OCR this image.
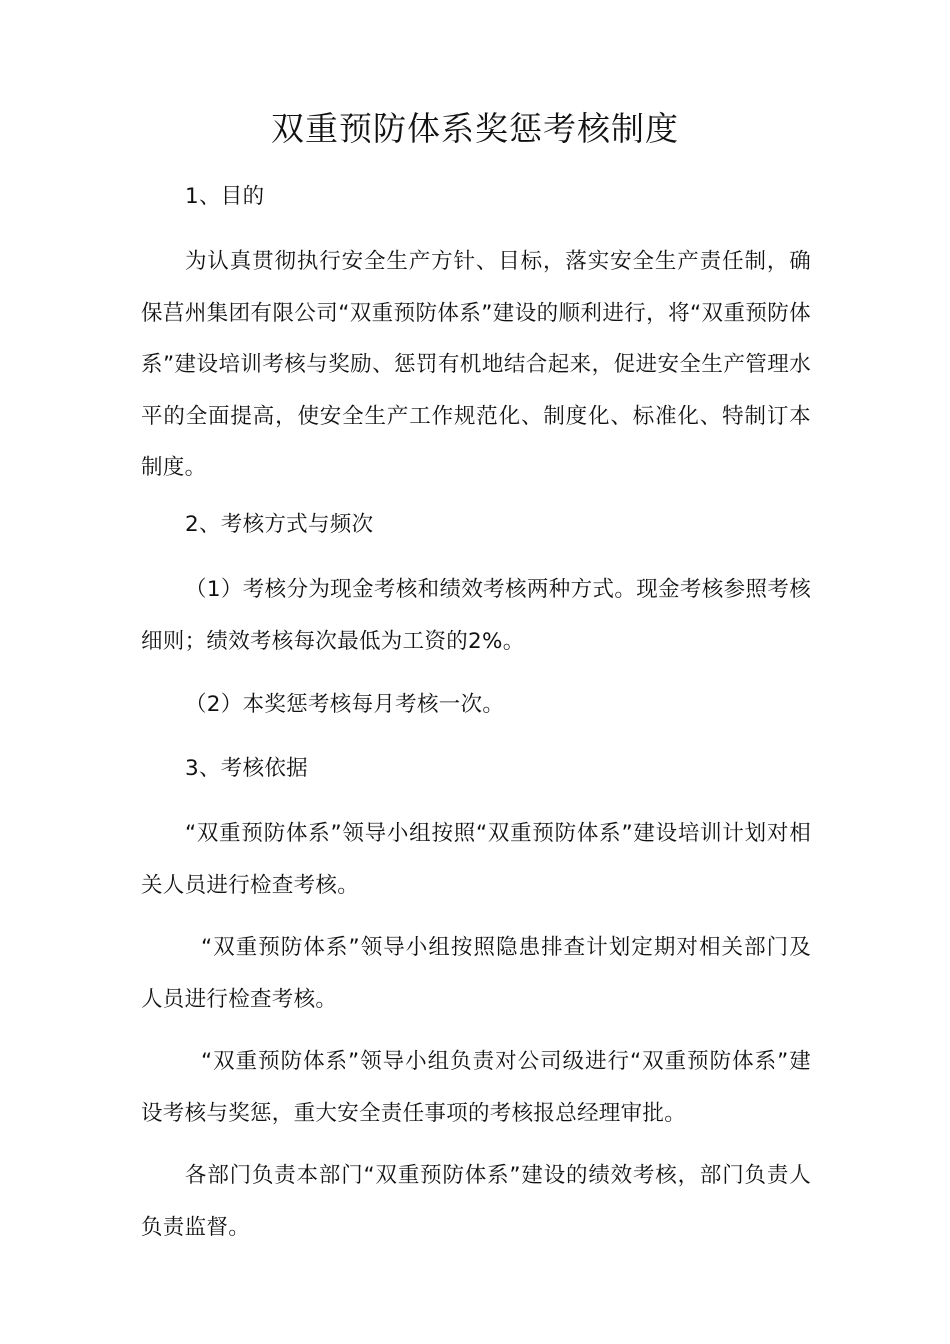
双重预防体系奖惩考核制度

1、目的

为认真贯彻执行安全生产方针、目标，落实安全生产责任制，确保莒州集团有限公司“双重预防体系”建设的顺利进行，将“双重预防体系”建设培训考核与奖励、惩罚有机地结合起来，促进安全生产管理水平的全面提高，使安全生产工作规范化、制度化、标准化、特制订本制度。

2、考核方式与频次

（1）考核分为现金考核和绩效考核两种方式。现金考核参照考核细则；绩效考核每次最低为工资的2%。

（2）本奖惩考核每月考核一次。

3、考核依据

“双重预防体系”领导小组按照“双重预防体系”建设培训计划对相关人员进行检查考核。

“双重预防体系”领导小组按照隐患排查计划定期对相关部门及人员进行检查考核。

“双重预防体系”领导小组负责对公司级进行“双重预防体系”建设考核与奖惩，重大安全责任事项的考核报总经理审批。

各部门负责本部门“双重预防体系”建设的绩效考核，部门负责人负责监督。
